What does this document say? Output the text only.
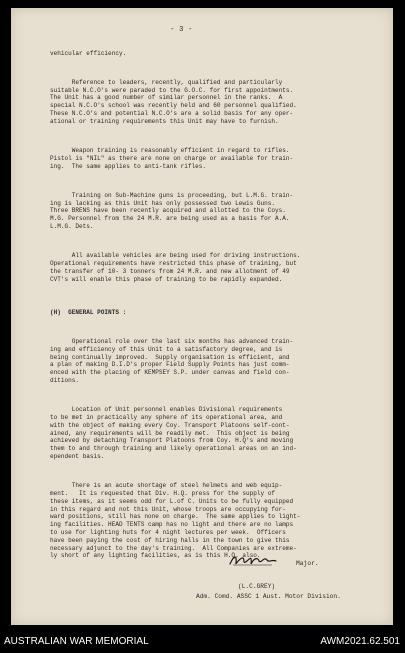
- 3 -

vehicular efficiency.

Reference to leaders, recently, qualified and particularly
suitable N.C.O's were paraded to the G.O.C. for first appointments.
The Unit has a good number of similar personnel in the ranks.  A
special N.C.O's school was recently held and 60 personnel qualified.
These N.C.O's and potential N.C.O's are a solid basis for any oper-
ational or training requirements this Unit may have to furnish.

Weapon training is reasonably efficient in regard to rifles.
Pistol is "NIL" as there are none on charge or available for train-
ing.  The same applies to anti-tank rifles.

Training on Sub-Machine guns is proceeding, but L.M.G. train-
ing is lacking as this Unit has only possessed two Lewis Guns.
Three BRENS have been recently acquired and allotted to the Coys.
M.G. Personnel from the 24 M.R. are being used as a basis for A.A.
L.M.G. Dets.

All available vehicles are being used for driving instructions.
Operational requirements have restricted this phase of training, but
the transfer of 10- 3 tonners from 24 M.R. and new allotment of 49
CVT's will enable this phase of training to be rapidly expanded.

(H)  GENERAL POINTS :

Operational role over the last six months has advanced train-
ing and efficiency of this Unit to a satisfactory degree, and is
being continually improved.  Supply organisation is efficient, and
a plan of making D.I.D's proper Field Supply Points has just comm-
enced with the placing of KEMPSEY S.P. under canvas and field con-
ditions.

Location of Unit personnel enables Divisional requirements
to be met in practically any sphere of its operational area, and
with the object of making every Coy. Transport Platoons self-cont-
ained, any requirements will be readily met.  This object is being
achieved by detaching Transport Platoons from Coy. H.Q's and moving
them to and through training and likely operational areas on an ind-
ependent basis.

There is an acute shortage of steel helmets and web equip-
ment.   It is requested that Div. H.Q. press for the supply of
these items, as it seems odd for L.of C. Units to be fully equipped
in this regard and not this Unit, whose troops are occupying for-
ward positions, still has none on charge.  The same applies to light-
ing facilities. HEAD TENTS camp has no light and there are no lamps
to use for lighting huts for 4 night lectures per week.  Officers
have been paying the cost of hiring halls in the town to give this
necessary adjunct to the day's training.  All Companies are extreme-
ly short of any lighting facilities, as is this H.Q. also.

Major.
(L.C.GREY)
Adm. Comd. ASSC 1 Aust. Motor Division.
AUSTRALIAN WAR MEMORIAL	AWM2021.62.501
